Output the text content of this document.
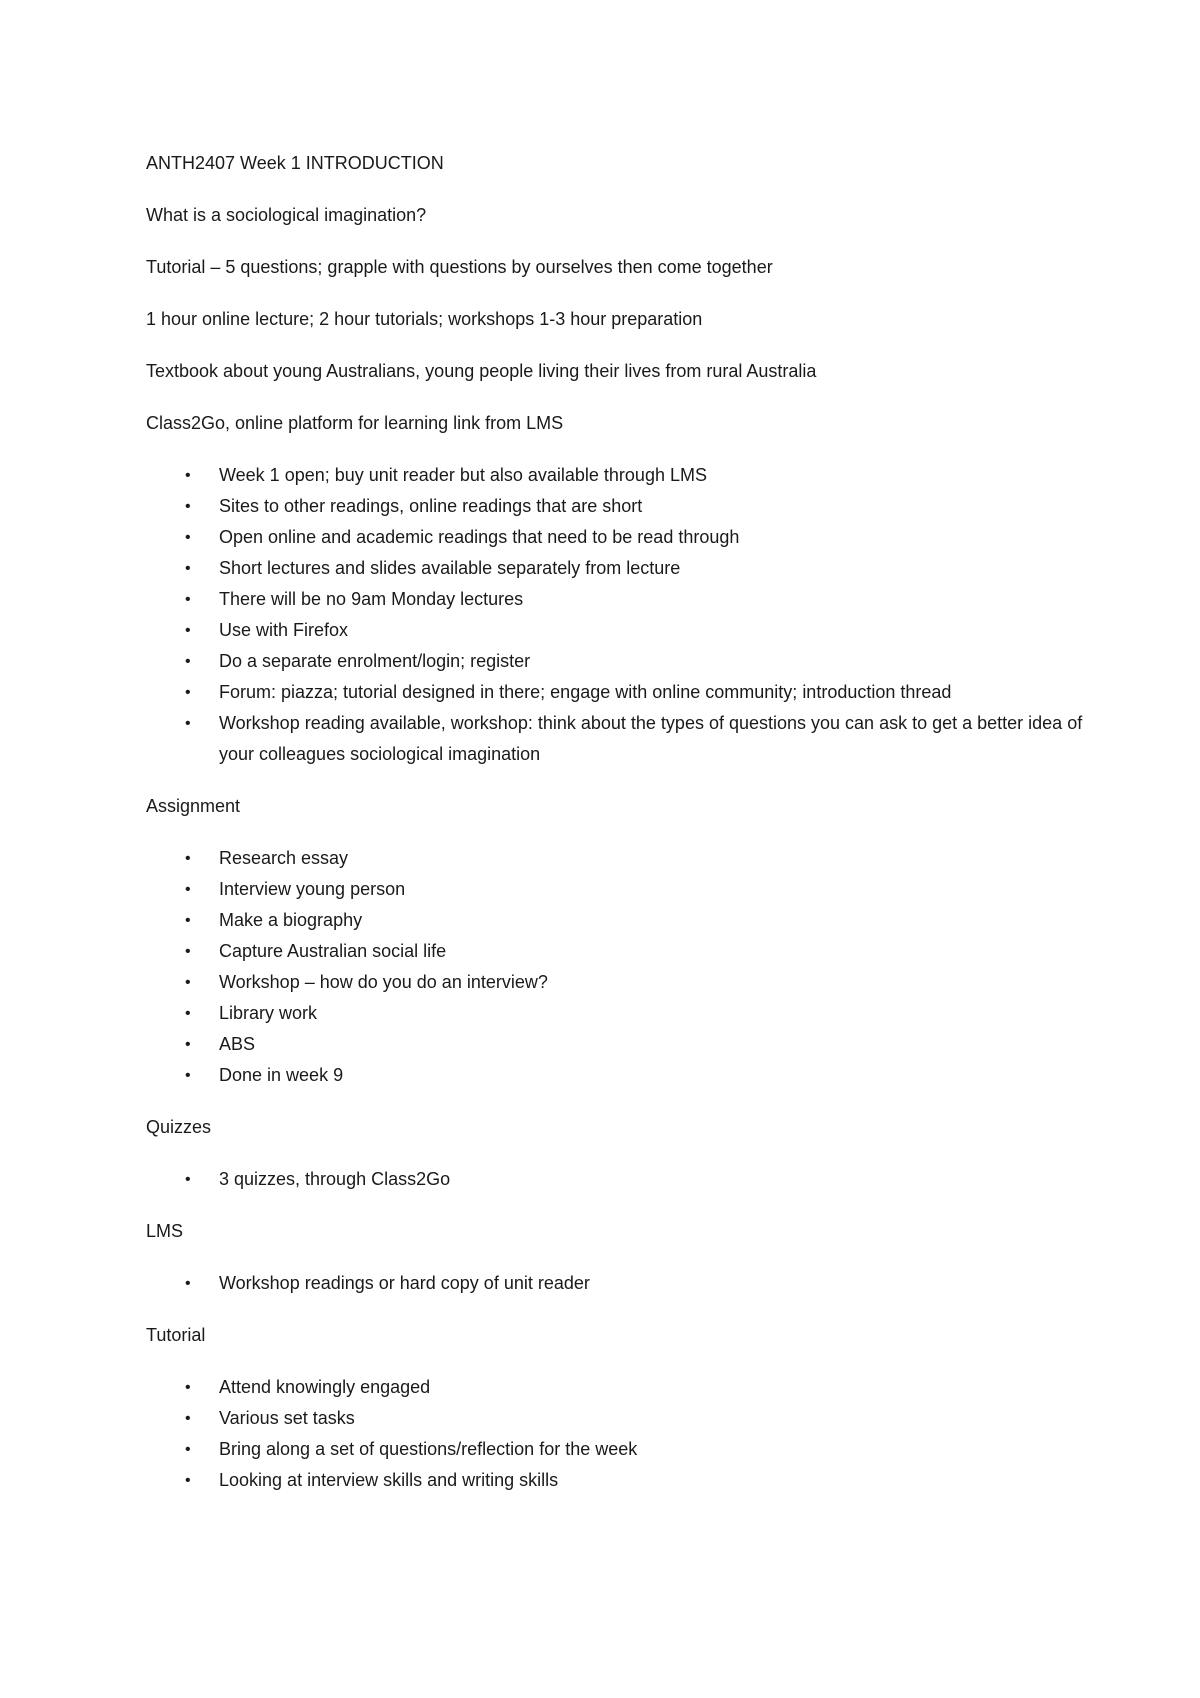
ANTH2407 Week 1 INTRODUCTION

What is a sociological imagination?

Tutorial – 5 questions; grapple with questions by ourselves then come together

1 hour online lecture; 2 hour tutorials; workshops 1-3 hour preparation

Textbook about young Australians, young people living their lives from rural Australia

Class2Go, online platform for learning link from LMS

• Week 1 open; buy unit reader but also available through LMS
• Sites to other readings, online readings that are short
• Open online and academic readings that need to be read through
• Short lectures and slides available separately from lecture
• There will be no 9am Monday lectures
• Use with Firefox
• Do a separate enrolment/login; register
• Forum: piazza; tutorial designed in there; engage with online community; introduction thread
• Workshop reading available, workshop: think about the types of questions you can ask to get a better idea of your colleagues sociological imagination

Assignment

• Research essay
• Interview young person
• Make a biography
• Capture Australian social life
• Workshop – how do you do an interview?
• Library work
• ABS
• Done in week 9

Quizzes

• 3 quizzes, through Class2Go

LMS

• Workshop readings or hard copy of unit reader

Tutorial

• Attend knowingly engaged
• Various set tasks
• Bring along a set of questions/reflection for the week
• Looking at interview skills and writing skills
